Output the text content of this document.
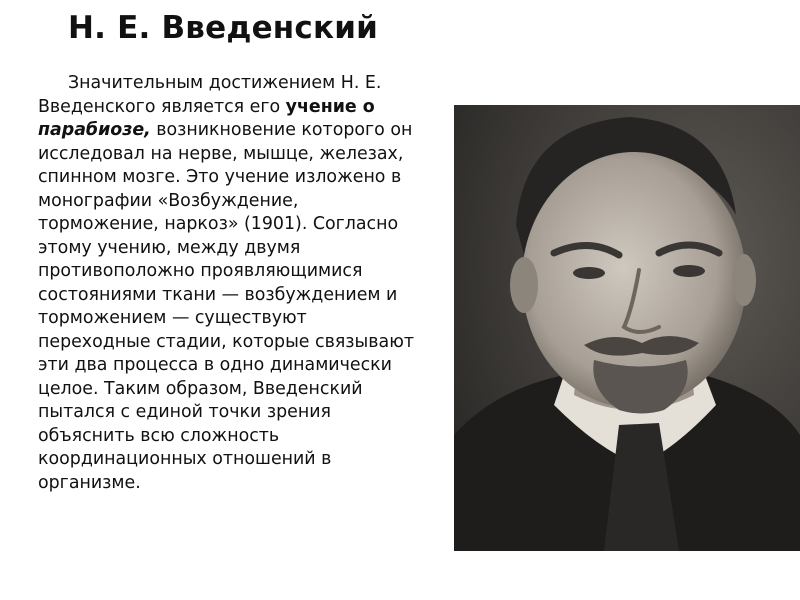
Н. Е. Введенский

Значительным достижением Н. Е. Введенского является его учение о парабиозе, возникновение которого он исследовал на нерве, мышце, железах, спинном мозге. Это учение изложено в монографии «Возбуждение, торможение, наркоз» (1901). Согласно этому учению, между двумя противоположно проявляющимися состояниями ткани — возбуждением и торможением — существуют переходные стадии, которые связывают эти два процесса в одно динамически целое. Таким образом, Введенский пытался с единой точки зрения объяснить всю сложность координационных отношений в организме.
